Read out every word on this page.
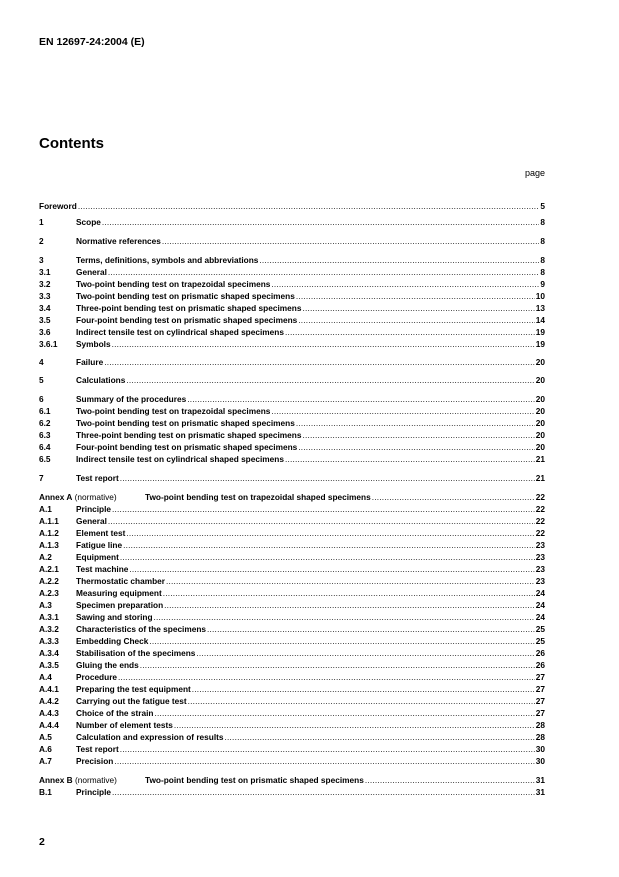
EN 12697-24:2004 (E)
Contents
page
Foreword .....	5
1	Scope .....	8
2	Normative references .....	8
3	Terms, definitions, symbols and abbreviations .....	8
3.1	General .....	8
3.2	Two-point bending test on trapezoidal specimens .....	9
3.3	Two-point bending test on prismatic shaped specimens .....	10
3.4	Three-point bending test on prismatic shaped specimens .....	13
3.5	Four-point bending test on prismatic shaped specimens .....	14
3.6	Indirect tensile test on cylindrical shaped specimens .....	19
3.6.1 Symbols .....	19
4	Failure .....	20
5	Calculations .....	20
6	Summary of the procedures .....	20
6.1	Two-point bending test on trapezoidal specimens .....	20
6.2	Two-point bending test on prismatic shaped specimens .....	20
6.3	Three-point bending test on prismatic shaped specimens .....	20
6.4	Four-point bending test on prismatic shaped specimens .....	20
6.5	Indirect tensile test on cylindrical shaped specimens .....	21
7	Test report .....	21
Annex A (normative)	Two-point bending test on trapezoidal shaped specimens .....	22
A.1	Principle .....	22
A.1.1 General .....	22
A.1.2 Element test .....	22
A.1.3 Fatigue line .....	23
A.2	Equipment .....	23
A.2.1 Test machine .....	23
A.2.2 Thermostatic chamber .....	23
A.2.3 Measuring equipment .....	24
A.3	Specimen preparation .....	24
A.3.1 Sawing and storing .....	24
A.3.2 Characteristics of the specimens .....	25
A.3.3 Embedding Check .....	25
A.3.4 Stabilisation of the specimens .....	26
A.3.5 Gluing the ends .....	26
A.4	Procedure .....	27
A.4.1 Preparing the test equipment .....	27
A.4.2 Carrying out the fatigue test .....	27
A.4.3 Choice of the strain .....	27
A.4.4 Number of element tests .....	28
A.5	Calculation and expression of results .....	28
A.6	Test report .....	30
A.7	Precision .....	30
Annex B (normative)	Two-point bending test on prismatic shaped specimens .....	31
B.1	Principle .....	31
2
